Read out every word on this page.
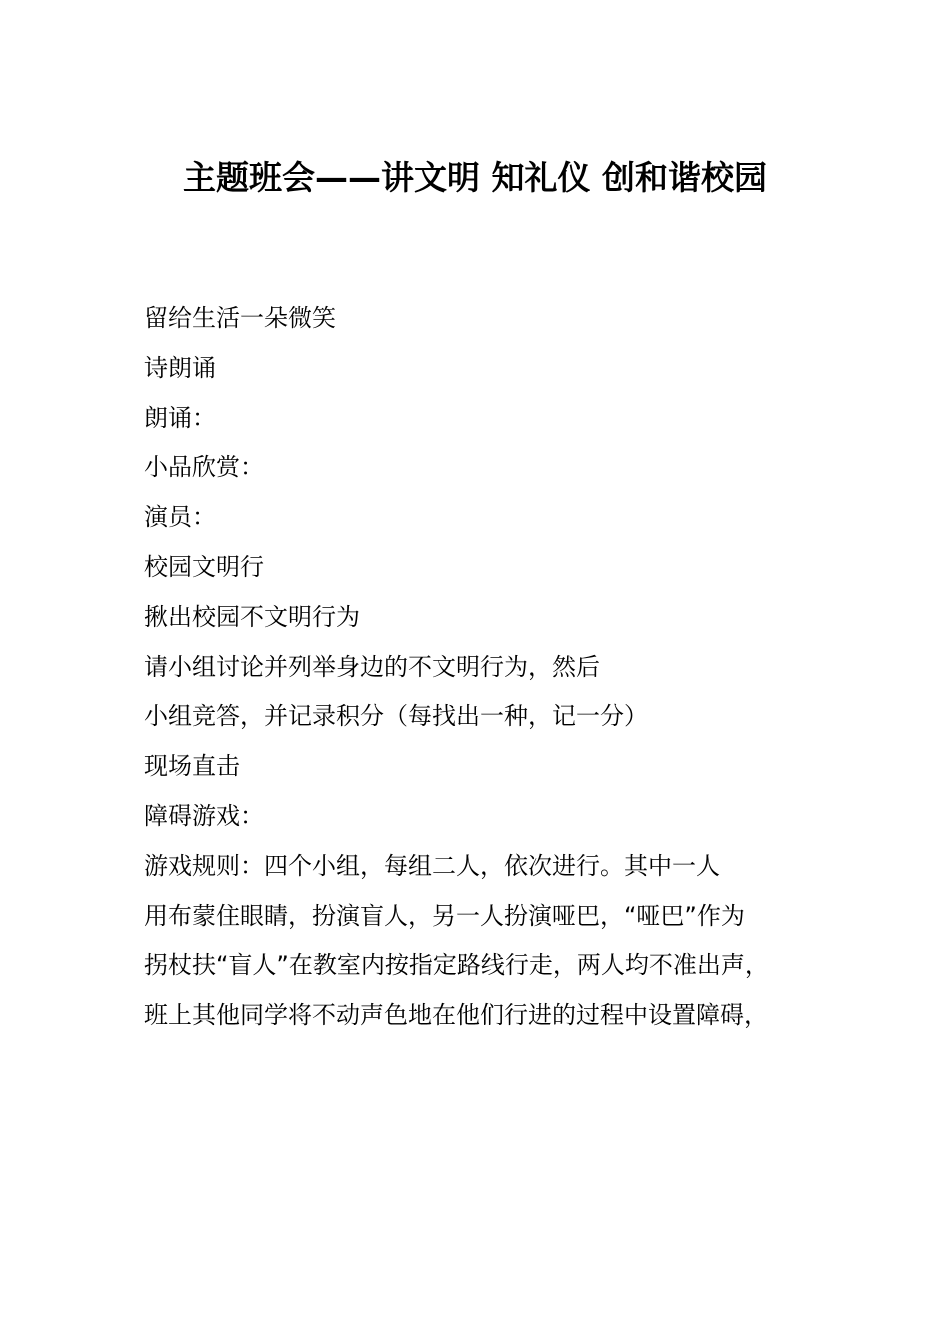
主题班会——讲文明 知礼仪 创和谐校园
留给生活一朵微笑
诗朗诵
朗诵：
小品欣赏：
演员：
校园文明行
揪出校园不文明行为
请小组讨论并列举身边的不文明行为，然后
小组竞答，并记录积分（每找出一种，记一分）
现场直击
障碍游戏：
游戏规则：四个小组，每组二人，依次进行。其中一人
用布蒙住眼睛，扮演盲人，另一人扮演哑巴，“哑巴”作为
拐杖扶“盲人”在教室内按指定路线行走，两人均不准出声，
班上其他同学将不动声色地在他们行进的过程中设置障碍，
